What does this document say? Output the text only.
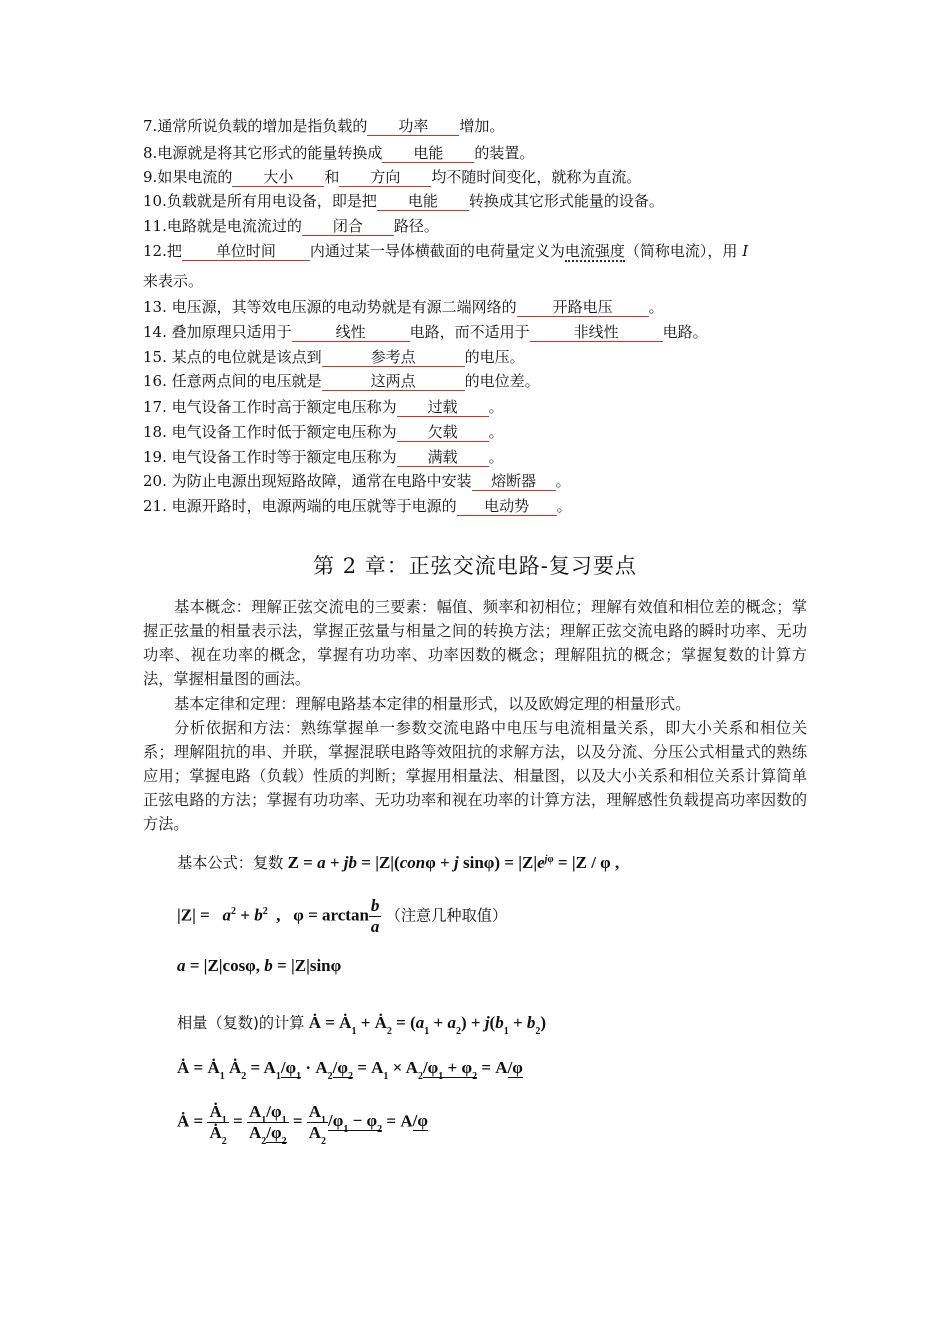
7.通常所说负载的增加是指负载的 功率 增加。
8.电源就是将其它形式的能量转换成 电能 的装置。
9.如果电流的 大小 和 方向 均不随时间变化，就称为直流。
10.负载就是所有用电设备，即是把 电能 转换成其它形式能量的设备。
11.电路就是电流流过的 闭合 路径。
12.把 单位时间 内通过某一导体横截面的电荷量定义为电流强度（简称电流），用 I
来表示。
13. 电压源，其等效电压源的电动势就是有源二端网络的 开路电压 。
14. 叠加原理只适用于	线性	电路，而不适用于	非线性	电路。
15. 某点的电位就是该点到	参考点	的电压。
16. 任意两点间的电压就是	这两点	的电位差。
17. 电气设备工作时高于额定电压称为 过载 。
18. 电气设备工作时低于额定电压称为 欠载 。
19. 电气设备工作时等于额定电压称为 满载 。
20. 为防止电源出现短路故障，通常在电路中安装 熔断器 。
21. 电源开路时，电源两端的电压就等于电源的 电动势 。
第 2 章：正弦交流电路-复习要点
基本概念：理解正弦交流电的三要素：幅值、频率和初相位；理解有效值和相位差的概念；掌握正弦量的相量表示法，掌握正弦量与相量之间的转换方法；理解正弦交流电路的瞬时功率、无功功率、视在功率的概念，掌握有功功率、功率因数的概念；理解阻抗的概念；掌握复数的计算方法，掌握相量图的画法。
基本定律和定理：理解电路基本定律的相量形式，以及欧姆定理的相量形式。
分析依据和方法：熟练掌握单一参数交流电路中电压与电流相量关系，即大小关系和相位关系；理解阻抗的串、并联，掌握混联电路等效阻抗的求解方法，以及分流、分压公式相量式的熟练应用；掌握电路（负载）性质的判断；掌握用相量法、相量图，以及大小关系和相位关系计算简单正弦电路的方法；掌握有功功率、无功功率和视在功率的计算方法，理解感性负载提高功率因数的方法。
基本公式：复数 Z = a + jb = |Z|(conφ + j $\sin\varphi) = |Z|e^{j\varphi} = |Z / \varphi$ ,
$|Z| = a^2 + b^2$  ,   $\varphi = \arctan \frac{b}{a}$ （注意几种取值）
a = |Z|cosφ, b = |Z|sinφ
相量（复数)的计算 Ȧ = $Ȧ_1$ + $Ȧ_2 = (a_1 + a_2) + j(b_1 + b_2)$
Ȧ = $Ȧ_1$ $Ȧ_2 = A_1/\varphi_1 \cdot A_2/\varphi_2 = A_1 \times A_2/\varphi_1 + \varphi_2 = A/\varphi$
Ȧ = $\frac{Ȧ_1}{Ȧ_2} = \frac{A_1/\varphi_1}{A_2/\varphi_2} = \frac{A_1}{A_2} /\varphi_1 - \varphi_2 = A/\varphi$
